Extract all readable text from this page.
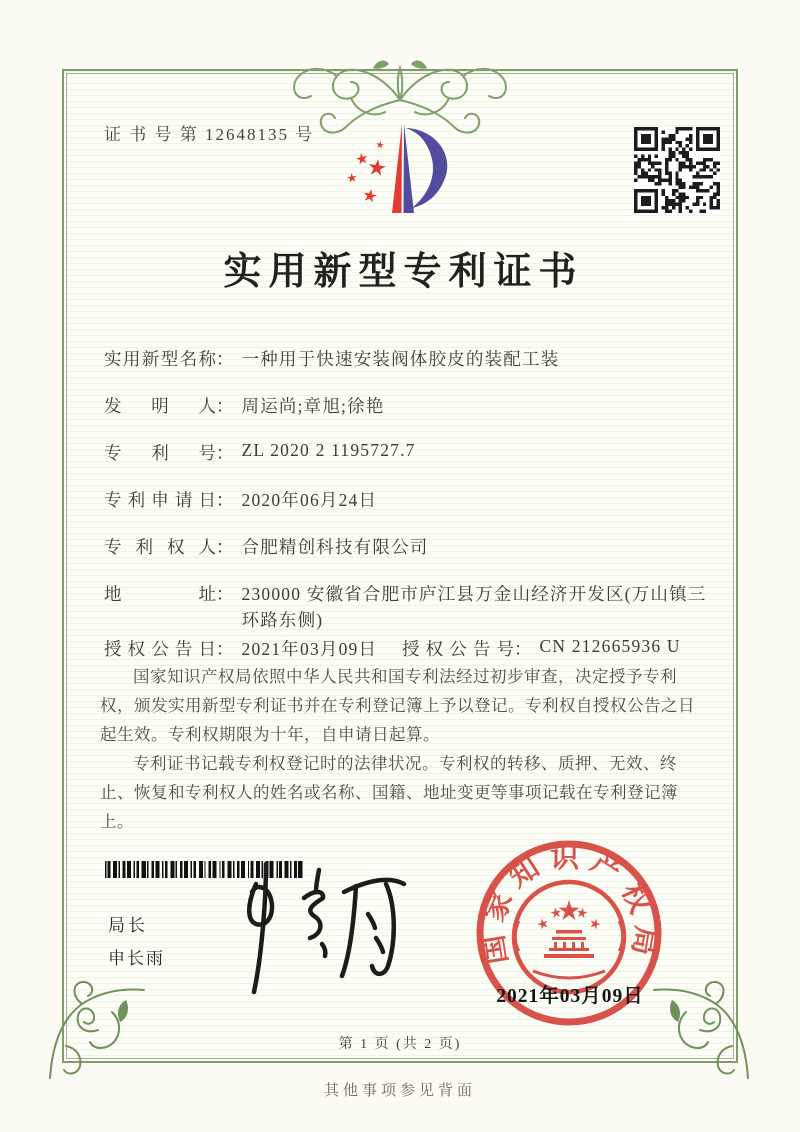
证 书 号 第 12648135 号
实用新型专利证书
实用新型名称： 一种用于快速安装阀体胶皮的装配工装
发明人： 周运尚;章旭;徐艳
专利号： ZL 2020 2 1195727.7
专利申请日： 2020年06月24日
专利权人： 合肥精创科技有限公司
地址： 230000 安徽省合肥市庐江县万金山经济开发区(万山镇三环路东侧)
授权公告日： 2021年03月09日 授权公告号： CN 212665936 U

国家知识产权局依照中华人民共和国专利法经过初步审查，决定授予专利权，颁发实用新型专利证书并在专利登记簿上予以登记。专利权自授权公告之日起生效。专利权期限为十年，自申请日起算。

专利证书记载专利权登记时的法律状况。专利权的转移、质押、无效、终止、恢复和专利权人的姓名或名称、国籍、地址变更等事项记载在专利登记簿上。

局长
申长雨	国家知识产权局
2021年03月09日
第 1 页 (共 2 页)
其他事项参见背面
